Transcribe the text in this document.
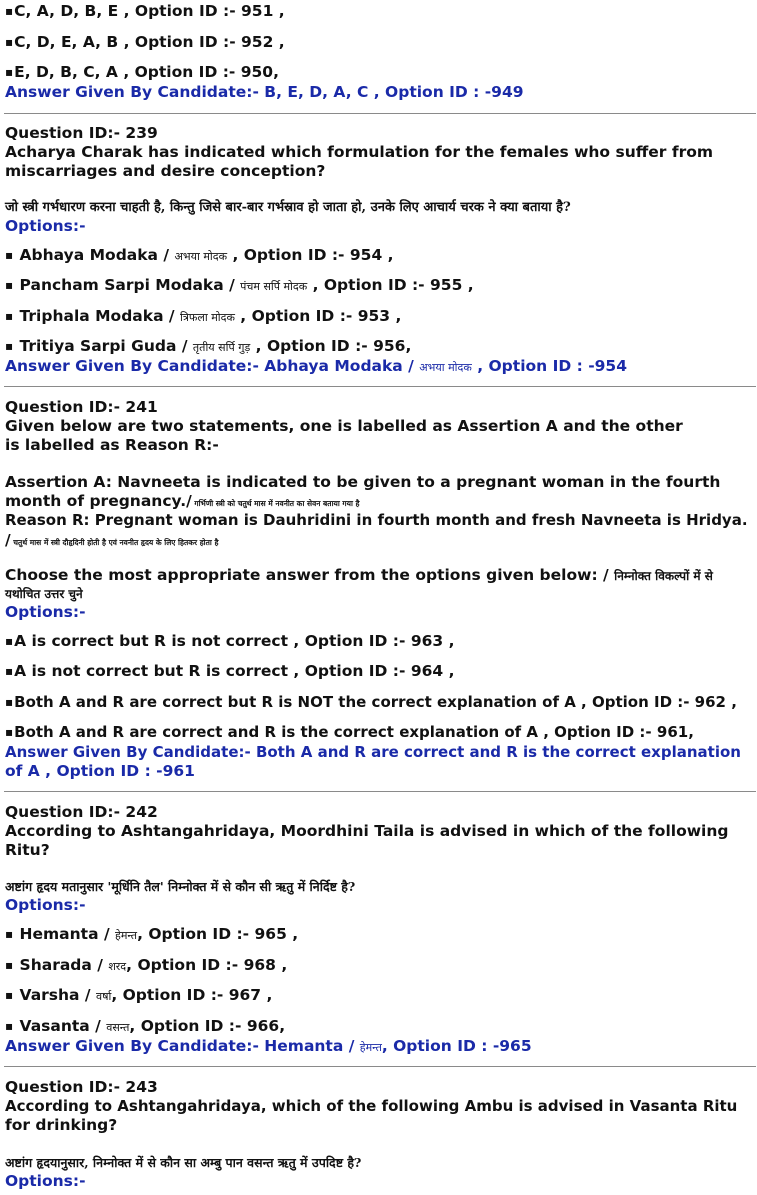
▪ C, A, D, B, E , Option ID :- 951 ,
▪ C, D, E, A, B , Option ID :- 952 ,
▪ E, D, B, C, A , Option ID :- 950,
Answer Given By Candidate:- B, E, D, A, C , Option ID : -949
Question ID:- 239
Acharya Charak has indicated which formulation for the females who suffer from
miscarriages and desire conception?
जो स्त्री गर्भधारण करना चाहती है, किन्तु जिसे बार-बार गर्भस्राव हो जाता हो, उनके लिए आचार्य चरक ने क्या बताया है?
Options:-
▪ Abhaya Modaka / अभया मोदक , Option ID :- 954 ,
▪ Pancham Sarpi Modaka / पंचम सर्पि मोदक , Option ID :- 955 ,
▪ Triphala Modaka / त्रिफला मोदक , Option ID :- 953 ,
▪ Tritiya Sarpi Guda / तृतीय सर्पि गुड़ , Option ID :- 956,
Answer Given By Candidate:- Abhaya Modaka / अभया मोदक , Option ID : -954
Question ID:- 241
Given below are two statements, one is labelled as Assertion A and the other
is labelled as Reason R:-
Assertion A: Navneeta is indicated to be given to a pregnant woman in the fourth
month of pregnancy./ गर्भिणी स्त्री को चतुर्थ मास में नवनीत का सेवन बताया गया है
Reason R: Pregnant woman is Dauhridini in fourth month and fresh Navneeta is Hridya.
/ चतुर्थ मास में स्त्री दौहृदिनी होती है एवं नवनीत हृदय के लिए हितकर होता है
Choose the most appropriate answer from the options given below: / निम्नोक्त विकल्पों में से
यथोचित उत्तर चुने
Options:-
▪ A is correct but R is not correct , Option ID :- 963 ,
▪ A is not correct but R is correct , Option ID :- 964 ,
▪ Both A and R are correct but R is NOT the correct explanation of A , Option ID :- 962 ,
▪ Both A and R are correct and R is the correct explanation of A , Option ID :- 961,
Answer Given By Candidate:- Both A and R are correct and R is the correct explanation
of A , Option ID : -961
Question ID:- 242
According to Ashtangahridaya, Moordhini Taila is advised in which of the following
Ritu?
अष्टांग हृदय मतानुसार 'मूर्धिनि तैल' निम्नोक्त में से कौन सी ऋतु में निर्दिष्ट है?
Options:-
▪ Hemanta / हेमन्त, Option ID :- 965 ,
▪ Sharada / शरद, Option ID :- 968 ,
▪ Varsha / वर्षा, Option ID :- 967 ,
▪ Vasanta / वसन्त, Option ID :- 966,
Answer Given By Candidate:- Hemanta / हेमन्त, Option ID : -965
Question ID:- 243
According to Ashtangahridaya, which of the following Ambu is advised in Vasanta Ritu
for drinking?
अष्टांग हृदयानुसार, निम्नोक्त में से कौन सा अम्बु पान वसन्त ऋतु में उपदिष्ट है?
Options:-
